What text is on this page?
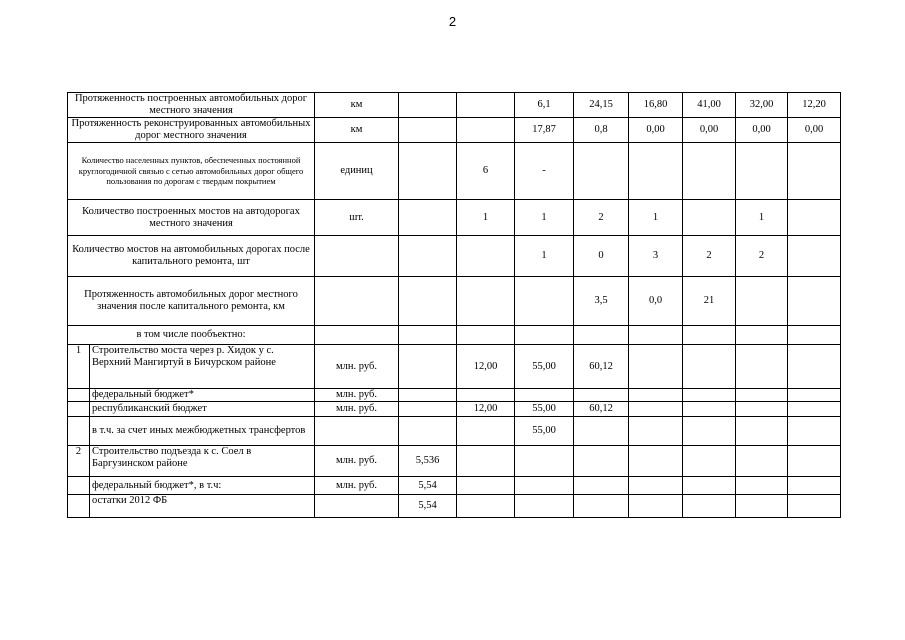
2
Протяженность построенных автомобильных дорог местного значения		км			6,1	24,15	16,80	41,00	32,00	12,20
Протяженность реконструированных автомобильных дорог местного значения		км			17,87	0,8	0,00	0,00	0,00	0,00
Количество населенных пунктов, обеспеченных постоянной круглогодичной связью с сетью автомобильных дорог общего пользования по дорогам с твердым покрытием		единиц		6	-					
Количество построенных мостов на автодорогах местного значения		шт.		1	1	2	1		1	
Количество мостов на автомобильных дорогах после капитального ремонта, шт					1	0	3	2	2	
Протяженность автомобильных дорог местного значения после капитального ремонта, км						3,5	0,0	21		
в том числе пообъектно:										
1	Строительство моста через р. Хидок у с. Верхний Мангиртуй в Бичурском районе	млн. руб.		12,00	55,00	60,12				
	федеральный бюджет*	млн. руб.								
	республиканский бюджет	млн. руб.		12,00	55,00	60,12				
	в т.ч. за счет иных межбюджетных трансфертов				55,00					
2	Строительство подъезда к с. Соел в Баргузинском районе	млн. руб.	5,536							
	федеральный бюджет*, в т.ч:	млн. руб.	5,54							
	остатки 2012 ФБ		5,54							
